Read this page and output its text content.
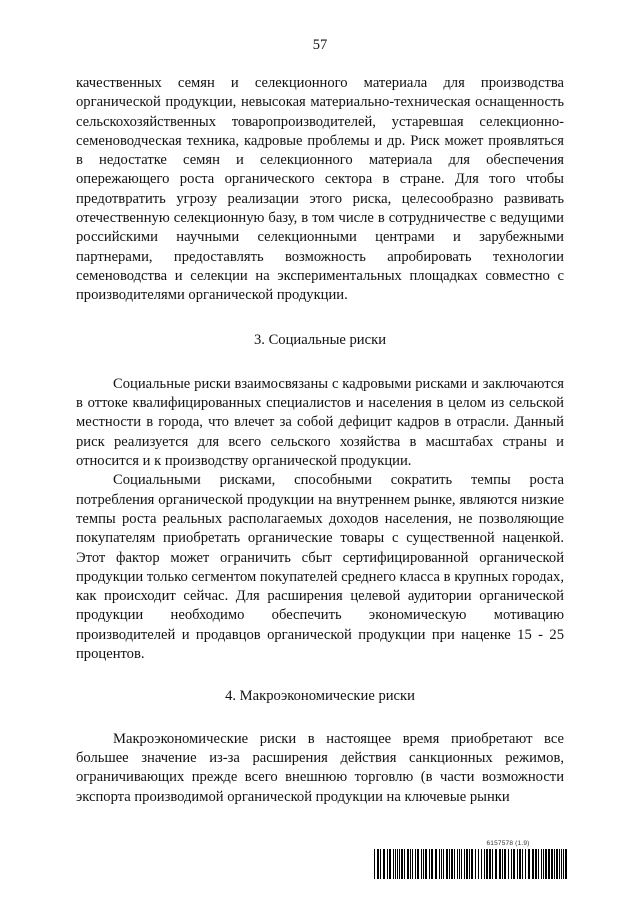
57

качественных семян и селекционного материала для производства органической продукции, невысокая материально-техническая оснащенность сельскохозяйственных товаропроизводителей, устаревшая селекционно-семеноводческая техника, кадровые проблемы и др. Риск может проявляться в недостатке семян и селекционного материала для обеспечения опережающего роста органического сектора в стране. Для того чтобы предотвратить угрозу реализации этого риска, целесообразно развивать отечественную селекционную базу, в том числе в сотрудничестве с ведущими российскими научными селекционными центрами и зарубежными партнерами, предоставлять возможность апробировать технологии семеноводства и селекции на экспериментальных площадках совместно с производителями органической продукции.

3. Социальные риски

Социальные риски взаимосвязаны с кадровыми рисками и заключаются в оттоке квалифицированных специалистов и населения в целом из сельской местности в города, что влечет за собой дефицит кадров в отрасли. Данный риск реализуется для всего сельского хозяйства в масштабах страны и относится и к производству органической продукции.

Социальными рисками, способными сократить темпы роста потребления органической продукции на внутреннем рынке, являются низкие темпы роста реальных располагаемых доходов населения, не позволяющие покупателям приобретать органические товары с существенной наценкой. Этот фактор может ограничить сбыт сертифицированной органической продукции только сегментом покупателей среднего класса в крупных городах, как происходит сейчас. Для расширения целевой аудитории органической продукции необходимо обеспечить экономическую мотивацию производителей и продавцов органической продукции при наценке 15 - 25 процентов.

4. Макроэкономические риски

Макроэкономические риски в настоящее время приобретают все большее значение из-за расширения действия санкционных режимов, ограничивающих прежде всего внешнюю торговлю (в части возможности экспорта производимой органической продукции на ключевые рынки

6157578 (1.9)
